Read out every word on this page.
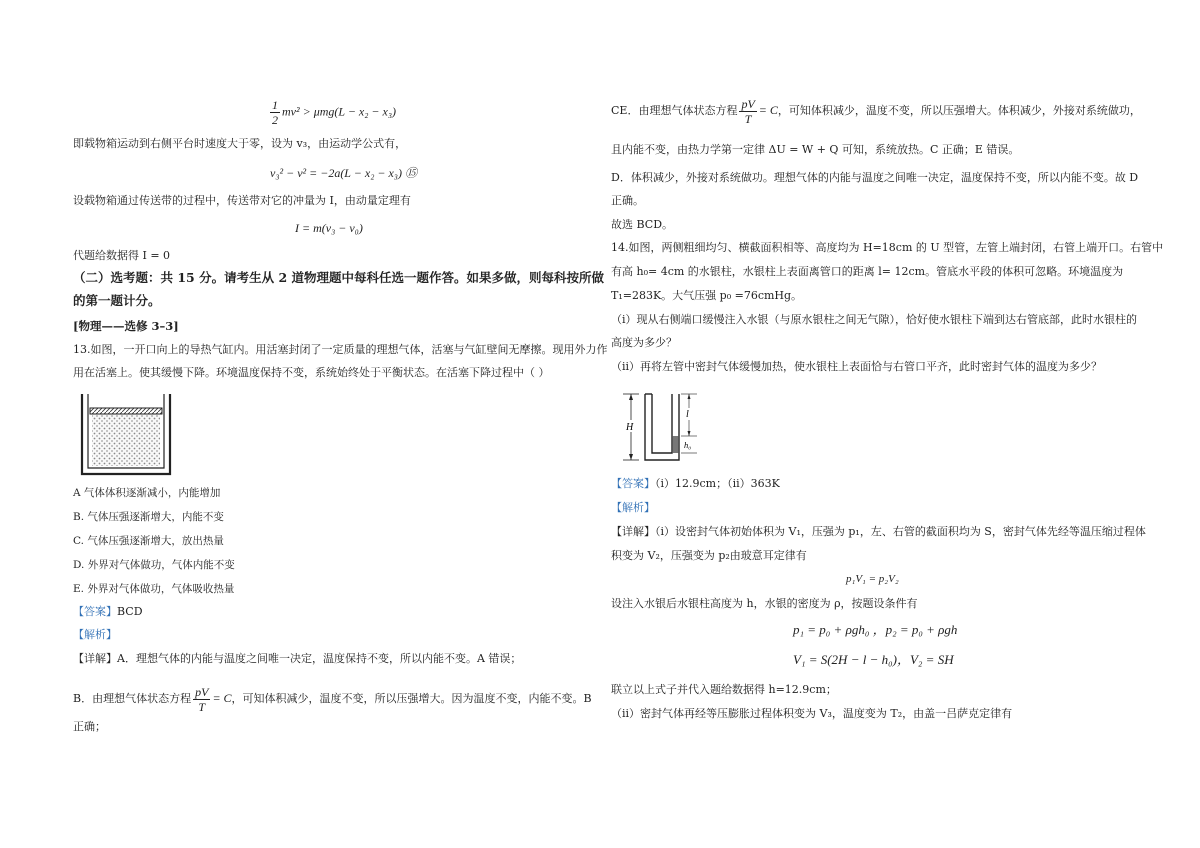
$\frac{1}{2} mv^2 > \mu mg(L - x_2 - x_3)$
即载物箱运动到右侧平台时速度大于零，设为 v₃，由运动学公式有，
v₃² − v² = −2a(L − x₂ − x₃) ⑮
设载物箱通过传送带的过程中，传送带对它的冲量为 I，由动量定理有
I = m(v₃ − v₀)
代题给数据得 I = 0
（二）选考题：共 15 分。请考生从 2 道物理题中每科任选一题作答。如果多做，则每科按所做
的第一题计分。
[物理——选修 3–3]
13.如图，一开口向上的导热气缸内。用活塞封闭了一定质量的理想气体，活塞与气缸壁间无摩擦。现用外力作
用在活塞上。使其缓慢下降。环境温度保持不变，系统始终处于平衡状态。在活塞下降过程中（ ）
A 气体体积逐渐减小，内能增加
B. 气体压强逐渐增大，内能不变
C. 气体压强逐渐增大，放出热量
D. 外界对气体做功，气体内能不变
E. 外界对气体做功，气体吸收热量
【答案】BCD
【解析】
【详解】A．理想气体的内能与温度之间唯一决定，温度保持不变，所以内能不变。A 错误；
B．由理想气体状态方程 $\frac{pV}{T} = C$，可知体积减少，温度不变，所以压强增大。因为温度不变，内能不变。B
正确；
CE．由理想气体状态方程 $\frac{pV}{T} = C$，可知体积减少，温度不变，所以压强增大。体积减少，外接对系统做功，
且内能不变，由热力学第一定律 ΔU = W + Q 可知，系统放热。C 正确；E 错误。
D．体积减少，外接对系统做功。理想气体的内能与温度之间唯一决定，温度保持不变，所以内能不变。故 D
正确。
故选 BCD。
14.如图，两侧粗细均匀、横截面积相等、高度均为 H=18cm 的 U 型管，左管上端封闭，右管上端开口。右管中
有高 h₀= 4cm 的水银柱，水银柱上表面离管口的距离 l= 12cm。管底水平段的体积可忽略。环境温度为
T₁=283K。大气压强 p₀ =76cmHg。
（i）现从右侧端口缓慢注入水银（与原水银柱之间无气隙），恰好使水银柱下端到达右管底部，此时水银柱的
高度为多少？
（ii）再将左管中密封气体缓慢加热，使水银柱上表面恰与右管口平齐，此时密封气体的温度为多少？
H
l
h₀
【答案】（i）12.9cm；（ii）363K
【解析】
【详解】（i）设密封气体初始体积为 V₁，压强为 p₁，左、右管的截面积均为 S，密封气体先经等温压缩过程体
积变为 V₂，压强变为 p₂由玻意耳定律有
p₁V₁ = p₂V₂
设注入水银后水银柱高度为 h，水银的密度为 ρ，按题设条件有
p₁ = p₀ + ρgh₀ ，p₂ = p₀ + ρgh
V₁ = S(2H − l − h₀)，V₂ = SH
联立以上式子并代入题给数据得 h=12.9cm；
（ii）密封气体再经等压膨胀过程体积变为 V₃，温度变为 T₂，由盖一吕萨克定律有
